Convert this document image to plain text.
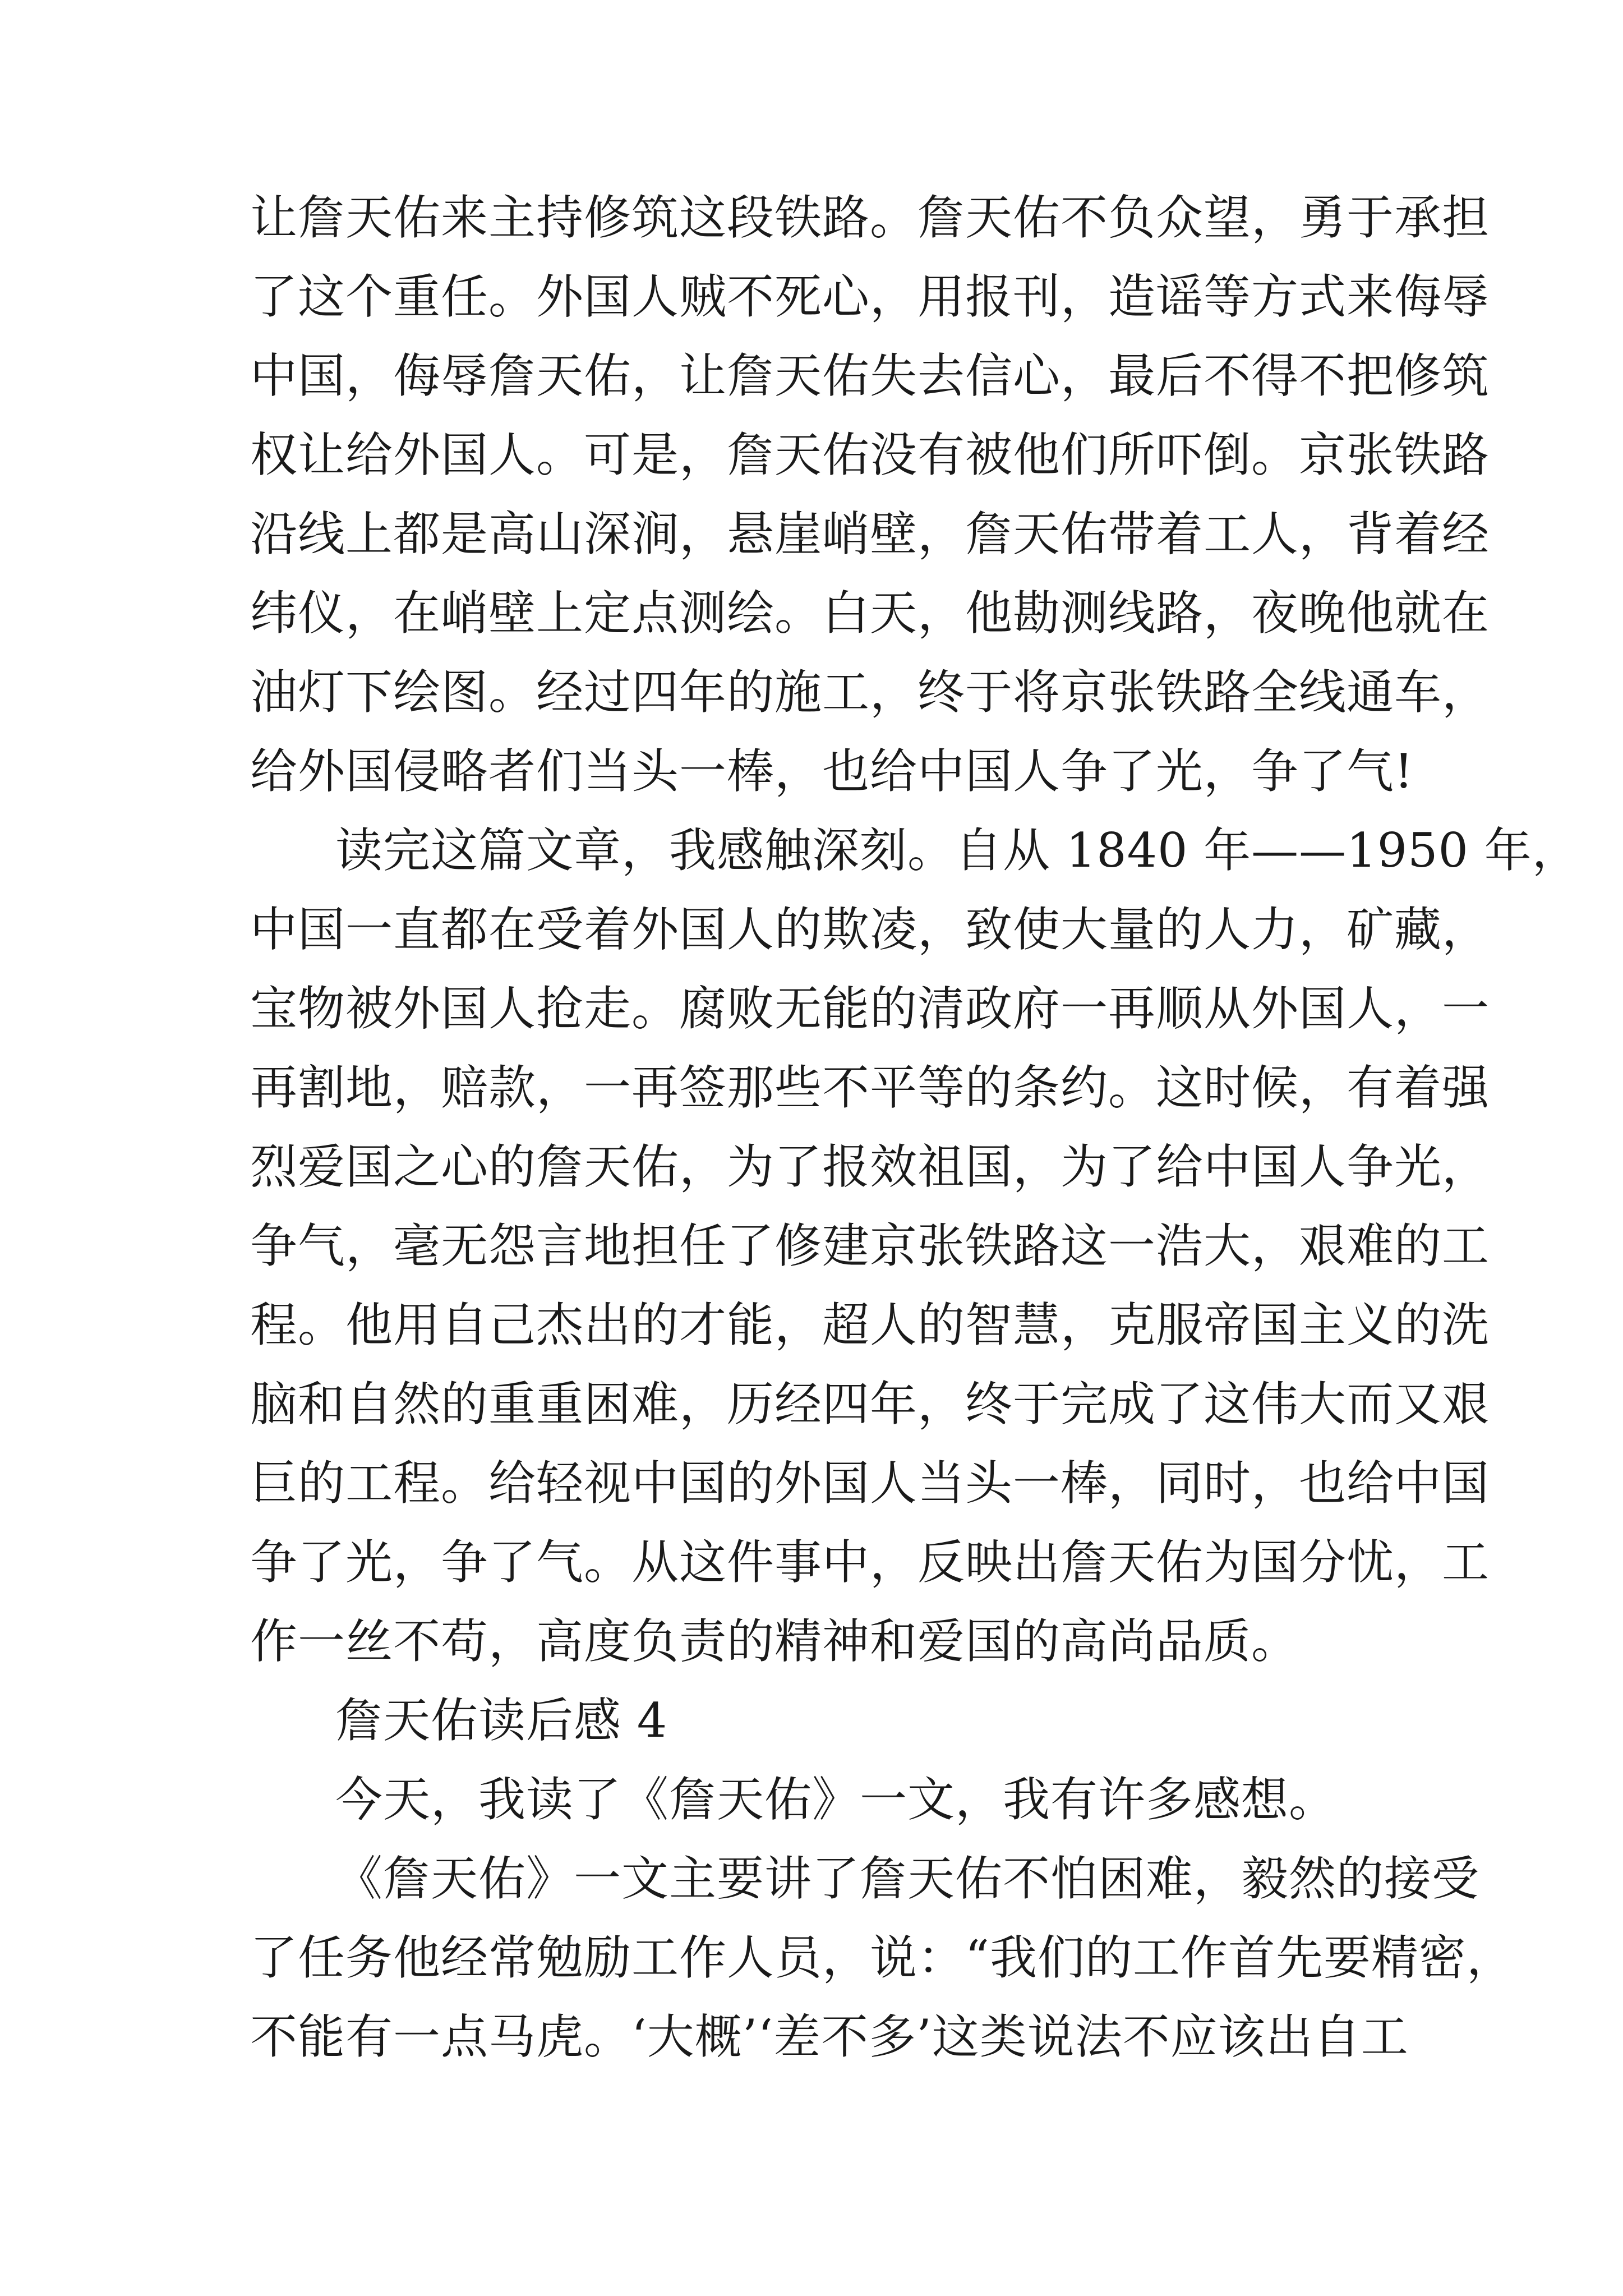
让詹天佑来主持修筑这段铁路。詹天佑不负众望，勇于承担
了这个重任。外国人贼不死心，用报刊，造谣等方式来侮辱
中国，侮辱詹天佑，让詹天佑失去信心，最后不得不把修筑
权让给外国人。可是，詹天佑没有被他们所吓倒。京张铁路
沿线上都是高山深涧，悬崖峭壁，詹天佑带着工人，背着经
纬仪，在峭壁上定点测绘。白天，他勘测线路，夜晚他就在
油灯下绘图。经过四年的施工，终于将京张铁路全线通车，
给外国侵略者们当头一棒，也给中国人争了光，争了气!
读完这篇文章，我感触深刻。自从 1840 年——1950 年，
中国一直都在受着外国人的欺凌，致使大量的人力，矿藏，
宝物被外国人抢走。腐败无能的清政府一再顺从外国人，一
再割地，赔款，一再签那些不平等的条约。这时候，有着强
烈爱国之心的詹天佑，为了报效祖国，为了给中国人争光，
争气，毫无怨言地担任了修建京张铁路这一浩大，艰难的工
程。他用自己杰出的才能，超人的智慧，克服帝国主义的洗
脑和自然的重重困难，历经四年，终于完成了这伟大而又艰
巨的工程。给轻视中国的外国人当头一棒，同时，也给中国
争了光，争了气。从这件事中，反映出詹天佑为国分忧，工
作一丝不苟，高度负责的精神和爱国的高尚品质。
詹天佑读后感 4
今天，我读了《詹天佑》一文，我有许多感想。
《詹天佑》一文主要讲了詹天佑不怕困难，毅然的接受
了任务他经常勉励工作人员，说：“我们的工作首先要精密，
不能有一点马虎。‘大概’‘差不多’这类说法不应该出自工
